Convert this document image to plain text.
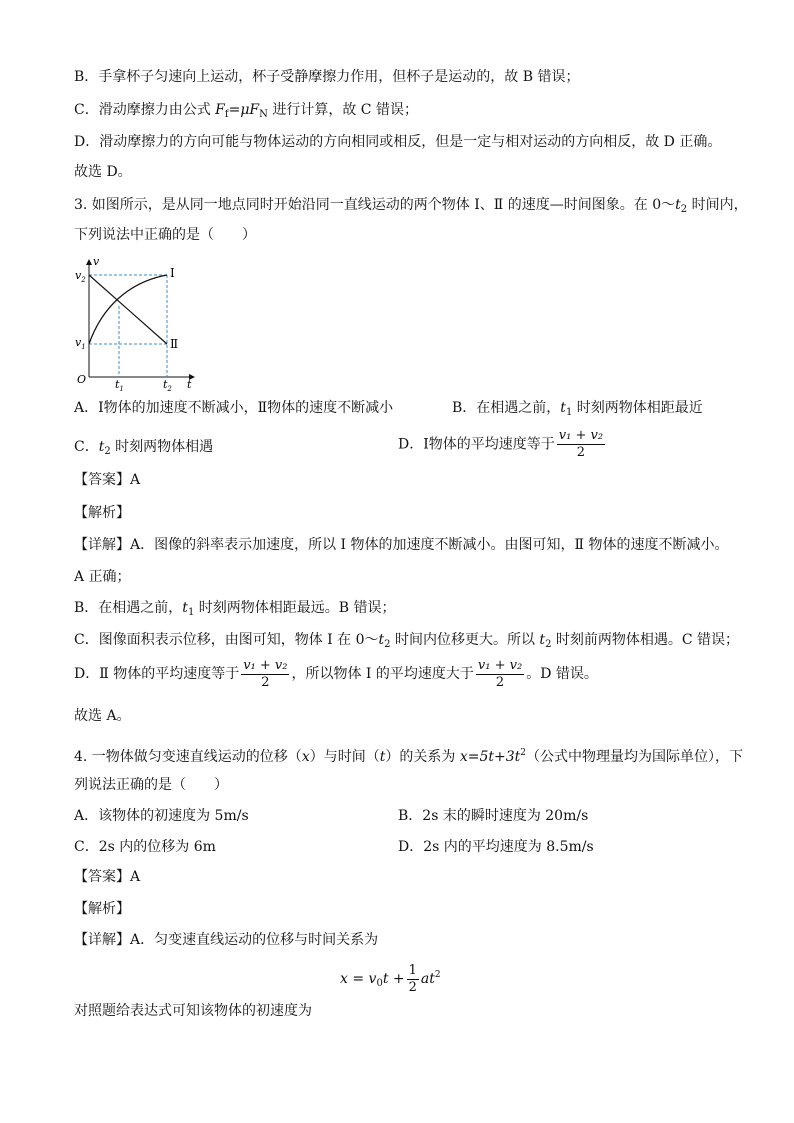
B．手拿杯子匀速向上运动，杯子受静摩擦力作用，但杯子是运动的，故 B 错误；
C．滑动摩擦力由公式 $F_f=\mu F_N$ 进行计算，故 C 错误；
D．滑动摩擦力的方向可能与物体运动的方向相同或相反，但是一定与相对运动的方向相反，故 D 正确。
故选 D。
3. 如图所示，是从同一地点同时开始沿同一直线运动的两个物体 Ⅰ、Ⅱ 的速度—时间图象。在 $0\sim t_2$ 时间内，
下列说法中正确的是（　　）
v
$v_2$
$v_1$
O	t
$t_1$	$t_2$
Ⅰ
Ⅱ
A．Ⅰ物体的加速度不断减小，Ⅱ物体的速度不断减小	B．在相遇之前，$t_1$ 时刻两物体相距最近
C．$t_2$ 时刻两物体相遇	D．Ⅰ物体的平均速度等于 $\frac{\text{v₁ + v₂}}{2}$
【答案】A
【解析】
【详解】A．图像的斜率表示加速度，所以 Ⅰ 物体的加速度不断减小。由图可知，Ⅱ 物体的速度不断减小。
A 正确；
B．在相遇之前，$t_1$ 时刻两物体相距最远。B 错误；
C．图像面积表示位移，由图可知，物体 Ⅰ 在 $0\sim t_2$ 时间内位移更大。所以 $t_2$ 时刻前两物体相遇。C 错误；
D．Ⅱ 物体的平均速度等于 $\frac{\text{v₁ + v₂}}{2}$ ，所以物体 Ⅰ 的平均速度大于 $\frac{\text{v₁ + v₂}}{2}$ 。D 错误。
故选 A。
4. 一物体做匀变速直线运动的位移（x）与时间（t）的关系为 $x=5t+3t^2$（公式中物理量均为国际单位），下
列说法正确的是（　　）
A．该物体的初速度为 5m/s	B．2s 末的瞬时速度为 20m/s
C．2s 内的位移为 6m	D．2s 内的平均速度为 8.5m/s
【答案】A
【解析】
【详解】A．匀变速直线运动的位移与时间关系为
$x = v_0t + \frac{1}{2} at^2$
对照题给表达式可知该物体的初速度为
